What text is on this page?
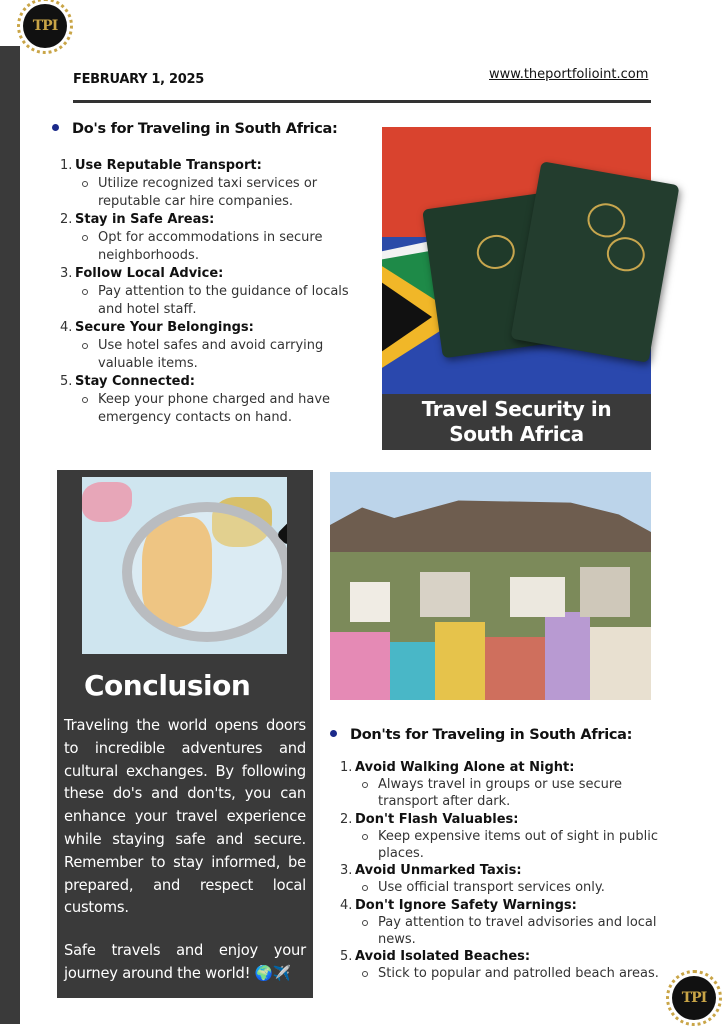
TPI
FEBRUARY 1, 2025	www.theportfolioint.com
Do's for Traveling in South Africa:
1. Use Reputable Transport:
Utilize recognized taxi services or reputable car hire companies.
2. Stay in Safe Areas:
Opt for accommodations in secure neighborhoods.
3. Follow Local Advice:
Pay attention to the guidance of locals and hotel staff.
4. Secure Your Belongings:
Use hotel safes and avoid carrying valuable items.
5. Stay Connected:
Keep your phone charged and have emergency contacts on hand.	Travel Security in South Africa
Conclusion
Traveling the world opens doors to incredible adventures and cultural exchanges. By following these do's and don'ts, you can enhance your travel experience while staying safe and secure. Remember to stay informed, be prepared, and respect local customs.
Safe travels and enjoy your journey around the world! 🌍✈️
Don'ts for Traveling in South Africa:
1. Avoid Walking Alone at Night:
Always travel in groups or use secure transport after dark.
2. Don't Flash Valuables:
Keep expensive items out of sight in public places.
3. Avoid Unmarked Taxis:
Use official transport services only.
4. Don't Ignore Safety Warnings:
Pay attention to travel advisories and local news.
5. Avoid Isolated Beaches:
Stick to popular and patrolled beach areas.
TPI
